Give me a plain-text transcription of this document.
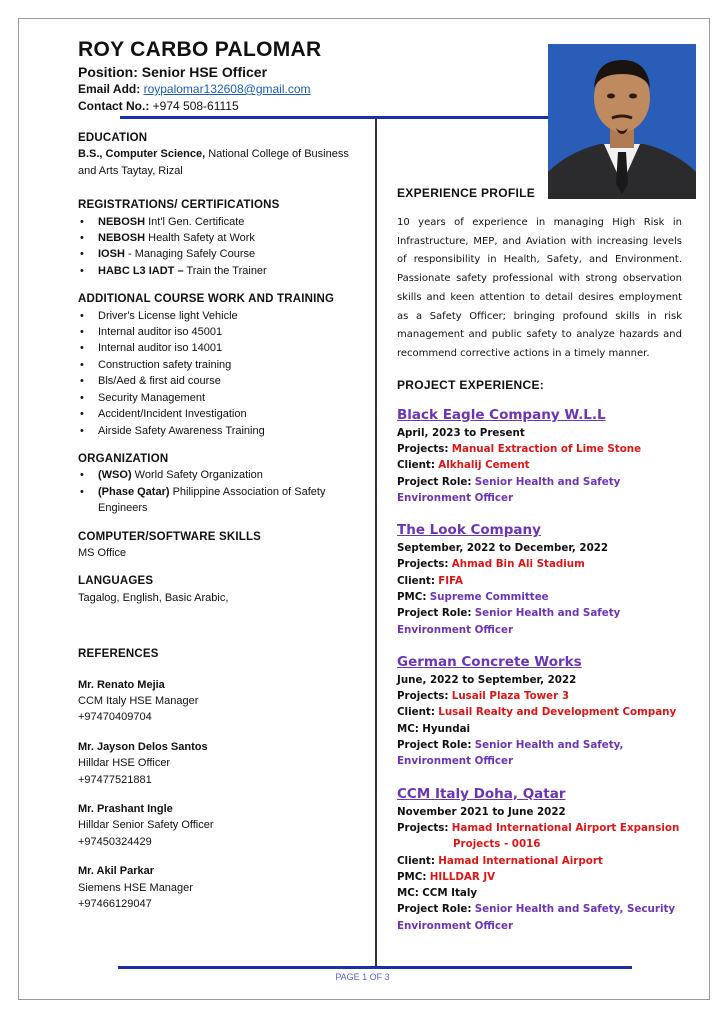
ROY CARBO PALOMAR
Position: Senior HSE Officer
Email Add: roypalomar132608@gmail.com
Contact No.: +974 508-61115
EDUCATION
B.S., Computer Science, National College of Business and Arts Taytay, Rizal
REGISTRATIONS/ CERTIFICATIONS
• NEBOSH Int'l Gen. Certificate
• NEBOSH Health Safety at Work
• IOSH - Managing Safely Course
• HABC L3 IADT – Train the Trainer
ADDITIONAL COURSE WORK AND TRAINING
• Driver's License light Vehicle
• Internal auditor iso 45001
• Internal auditor iso 14001
• Construction safety training
• Bls/Aed & first aid course
• Security Management
• Accident/Incident Investigation
• Airside Safety Awareness Training
ORGANIZATION
• (WSO) World Safety Organization
• (Phase Qatar) Philippine Association of Safety Engineers
COMPUTER/SOFTWARE SKILLS
MS Office
LANGUAGES
Tagalog, English, Basic Arabic,
REFERENCES
Mr. Renato Mejia
CCM Italy HSE Manager
+97470409704
Mr. Jayson Delos Santos
Hilldar HSE Officer
+97477521881
Mr. Prashant Ingle
Hilldar Senior Safety Officer
+97450324429
Mr. Akil Parkar
Siemens HSE Manager
+97466129047
EXPERIENCE PROFILE
10 years of experience in managing High Risk in Infrastructure, MEP, and Aviation with increasing levels of responsibility in Health, Safety, and Environment. Passionate safety professional with strong observation skills and keen attention to detail desires employment as a Safety Officer; bringing profound skills in risk management and public safety to analyze hazards and recommend corrective actions in a timely manner.
PROJECT EXPERIENCE:
Black Eagle Company W.L.L
April, 2023 to Present
Projects: Manual Extraction of Lime Stone
Client: Alkhalij Cement
Project Role: Senior Health and Safety Environment Officer
The Look Company
September, 2022 to December, 2022
Projects: Ahmad Bin Ali Stadium
Client: FIFA
PMC: Supreme Committee
Project Role: Senior Health and Safety Environment Officer
German Concrete Works
June, 2022 to September, 2022
Projects: Lusail Plaza Tower 3
Client: Lusail Realty and Development Company
MC: Hyundai
Project Role: Senior Health and Safety, Environment Officer
CCM Italy Doha, Qatar
November 2021 to June 2022
Projects: Hamad International Airport Expansion
Projects - 0016
Client: Hamad International Airport
PMC: HILLDAR JV
MC: CCM Italy
Project Role: Senior Health and Safety, Security Environment Officer
PAGE 1 OF 3
